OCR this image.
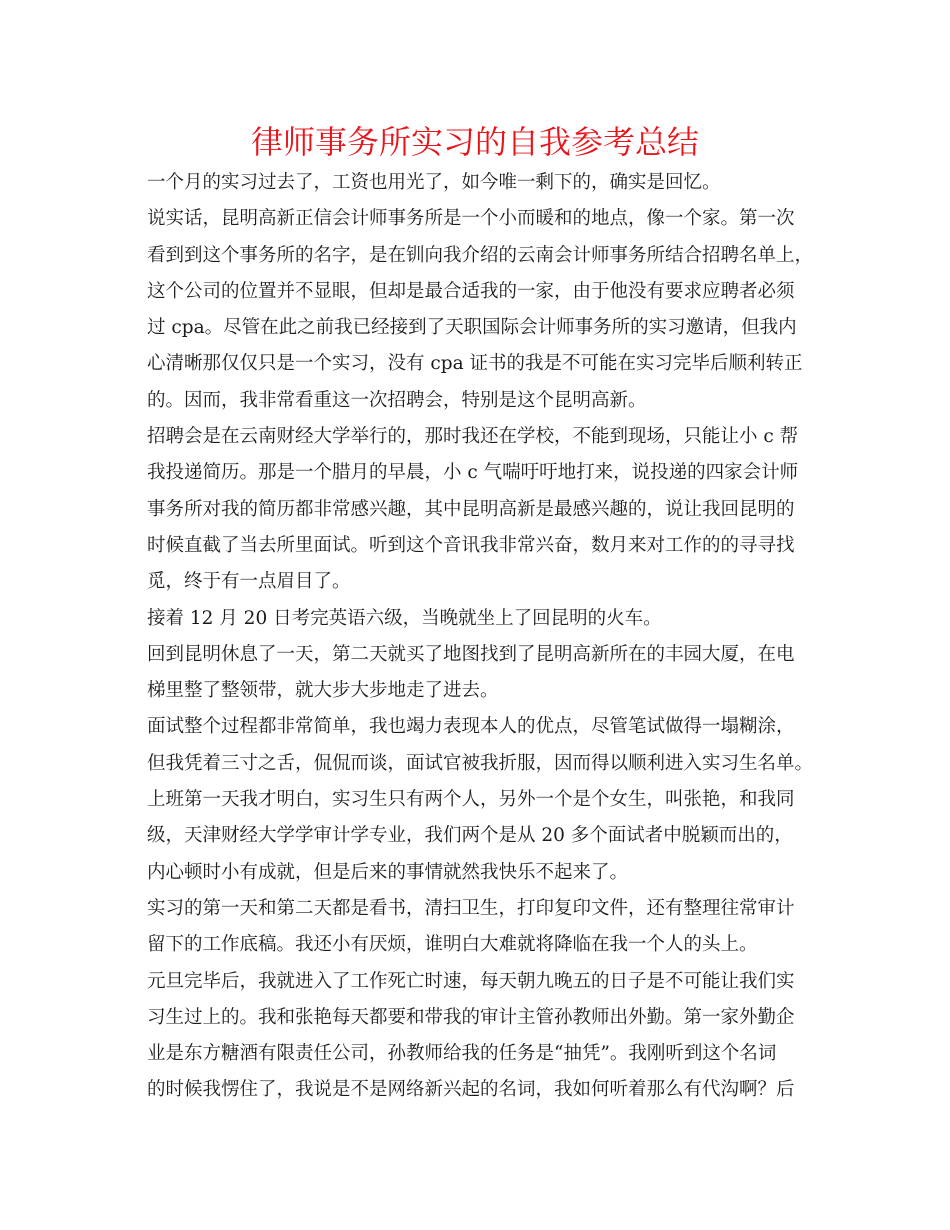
律师事务所实习的自我参考总结
一个月的实习过去了，工资也用光了，如今唯一剩下的，确实是回忆。
说实话，昆明高新正信会计师事务所是一个小而暖和的地点，像一个家。第一次
看到到这个事务所的名字，是在钏向我介绍的云南会计师事务所结合招聘名单上，
这个公司的位置并不显眼，但却是最合适我的一家，由于他没有要求应聘者必须
过 cpa。尽管在此之前我已经接到了天职国际会计师事务所的实习邀请，但我内
心清晰那仅仅只是一个实习，没有 cpa 证书的我是不可能在实习完毕后顺利转正
的。因而，我非常看重这一次招聘会，特别是这个昆明高新。
招聘会是在云南财经大学举行的，那时我还在学校，不能到现场，只能让小 c 帮
我投递简历。那是一个腊月的早晨，小 c 气喘吁吁地打来，说投递的四家会计师
事务所对我的简历都非常感兴趣，其中昆明高新是最感兴趣的，说让我回昆明的
时候直截了当去所里面试。听到这个音讯我非常兴奋，数月来对工作的的寻寻找
觅，终于有一点眉目了。
接着 12 月 20 日考完英语六级，当晚就坐上了回昆明的火车。
回到昆明休息了一天，第二天就买了地图找到了昆明高新所在的丰园大厦，在电
梯里整了整领带，就大步大步地走了进去。
面试整个过程都非常简单，我也竭力表现本人的优点，尽管笔试做得一塌糊涂，
但我凭着三寸之舌，侃侃而谈，面试官被我折服，因而得以顺利进入实习生名单。
上班第一天我才明白，实习生只有两个人，另外一个是个女生，叫张艳，和我同
级，天津财经大学学审计学专业，我们两个是从 20 多个面试者中脱颖而出的，
内心顿时小有成就，但是后来的事情就然我快乐不起来了。
实习的第一天和第二天都是看书，清扫卫生，打印复印文件，还有整理往常审计
留下的工作底稿。我还小有厌烦，谁明白大难就将降临在我一个人的头上。
元旦完毕后，我就进入了工作死亡时速，每天朝九晚五的日子是不可能让我们实
习生过上的。我和张艳每天都要和带我的审计主管孙教师出外勤。第一家外勤企
业是东方糖酒有限责任公司，孙教师给我的任务是“抽凭”。我刚听到这个名词
的时候我愣住了，我说是不是网络新兴起的名词，我如何听着那么有代沟啊？后
